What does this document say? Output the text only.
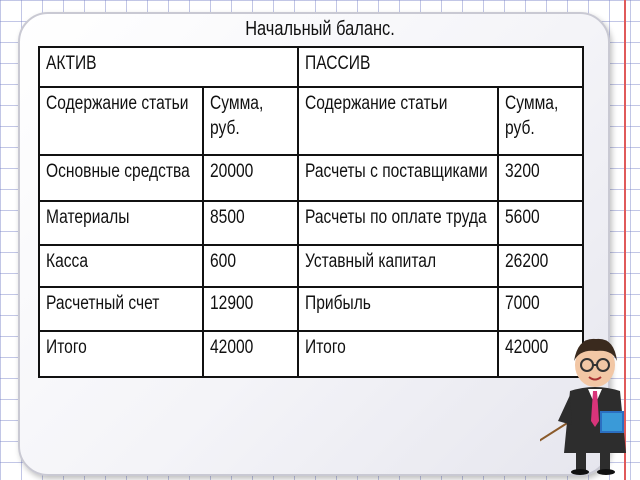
Начальный баланс.
АКТИВ		ПАССИВ	
Содержание статьи	Сумма, руб.	Содержание статьи	Сумма, руб.
Основные средства	20000	Расчеты с поставщиками	3200
Материалы	8500	Расчеты по оплате труда	5600
Касса	600	Уставный капитал	26200
Расчетный счет	12900	Прибыль	7000
Итого	42000	Итого	42000
